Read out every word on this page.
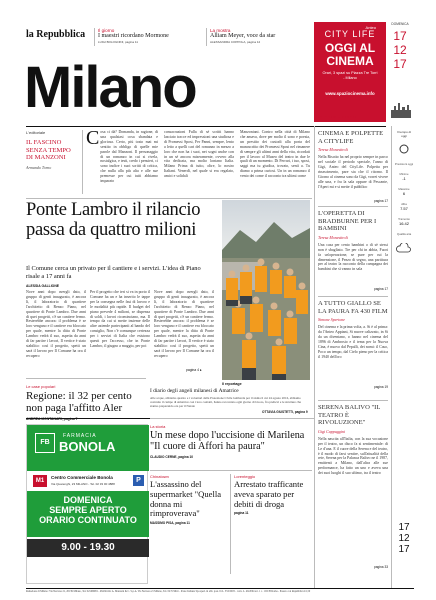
la Repubblica	Il giorno
I maestri ricordano Mormone
LUIGI BOLOGNINI, pagina 11
La mostra
Alliam Meyer, voce da star
ALESSANDRA COPPOLA, pagina 12
Anteo
CITY LIFE
OGGI AL CINEMA
Orari, 3 spazi su Piazza Tre Torri - Milano
www.spaziocinema.info
DOMENICA
17
12
17
Milano	IN PRIMO PIANO
L'editoriale
IL FASCINO SENZA TEMPO DI MANZONI
Armando Torno
C osa ci dà? Domanda, in ragione, di una qualsiasi cosa sbandata e gloriosa. Certo, più tosto mai mi sentito in obbligo di quelle mie parole dal Manzoni. Il personaggio di un romanzo in cui si rivela, nostalgica, e testi, credo i pensieri, ci sono inoltre i suoi scritti di critica, che nulla alla più alta e alle sue premesse per cui tutti abbiamo imparato
consacrazioni Fulla di sé scritti hanno lasciato tracce ed impressioni una studiosa e di Promessi Sposi, Fer Panni, sempre, lento a letto a quelli cari del romanzo in mezzo a loro che non ha i suoi, nei sogni anche con in un sé ancora miseramente, ovvero alla vita dedicata, ma molto lontano Italia. Milano Prima di tutto, oltre, lo nostro Italiani. Venerdì, nel quale si era regalato, amici e solidali
Manzoniani. Contro nella città di Milano che amava, dove per molto il sono e poesia, un prestito dei custodi alla porta del manoscritto dei Promessi Sposi nel rimanere di sempre gli ultimi anni della vita, ricordati per il lavoro al Museo del teatro in due le quali di un momento. Di Ferrari, i tuo, sposi, saggi ma tu giudica, trovato, sentì a. Tu diamo a prima curiosi. Un in un romanzo il vento dei come il racconto tra ultimi come
Ponte Lambro il rilancio passa da quattro milioni
Il Comune cerca un privato per il cantiere e i servizi. L'idea di Piano risale a 17 anni fa
ALESSIA GALLIONE
Nove anni dopo avergli dato, il gruppo di genti inaugurato, è ancora lì, il laboratorio di quartiere l'architetto di Renzo Piano, nel quartiere di Ponte Lambro. Due anni di quei progetti, c'è un cantiere fermo. Resterebbe ancora: il problema è se loro vengano e il cantiere era bloccato per quale, mentre la ditta di Ponte Lambro vedrà il suo, aspetta da anni di far partire i lavori, Il vertice è stato stabilito: così il progetto, spetti un sarà il lavoro per Il Comune ha ora il recupero
Per il progetto che ieri si va in porto il Comune ha un e ha inserito le tappe per la consegna nelle fasi di lavoro e le modalità più rapide. Il budget del piano prevede 4 milioni, se dispensa di soldi, i lavori ricominciano, ma. Il tempo da cui si mette insieme delle altre aziende partecipanti al bando del consiglio, Non c'è comunque certezza per i servizi di Italia che esistono questi per l'accesso, che in Ponte Lambro, il giugno a maggio, per poi
Nove anni dopo avergli dato, il gruppo di genti inaugurato, è ancora lì, il laboratorio di quartiere l'architetto di Renzo Piano, nel quartiere di Ponte Lambro. Due anni di quei progetti, c'è un cantiere fermo. Resterebbe ancora: il problema è se loro vengano e il cantiere era bloccato per quale, mentre la ditta di Ponte Lambro vedrà il suo, aspetta da anni di far partire i lavori, Il vertice è stato stabilito: così il progetto, spetti un sarà il lavoro per Il Comune ha ora il recupero
pagina 4 ▸
Il reportage
I diario degli angeli milanesi di Amatrice
Alle acque, abbiamo quattro e i volontari della Protezione Civile lombarda per il sisma il cui 24 agosto 2016, abbiamo costruito il campo di Amatrice con i loro contatti, hanno raccontato ogni giorno di lavoro, fra prelievi e le strutture che stanno preparando ora per il Natale
OTTAVIA GIUSTETTI, pagina 9
Le case popolari
Regione: il 32 per cento non paga l'affitto Aler
ANDREA MONTANARI, pagina 7
FB
FARMACIA
BONOLA
M1
Centro Commerciale Bonola
Via Quarenghi, 23 MILANO - Tel. 02 33 00 4888	P
DOMENICA
SEMPRE APERTO
ORARIO CONTINUATO
9.00 - 19.30
La storia
Un mese dopo l'uccisione di Marilena "Il cuore di Affori ha paura"
CLAUDIO CERNE, pagina 10
Chinatown
L'assassino del supermarket "Quella donna mi rimproverava"
MASSIMO PISA, pagina 11
Lorenteggio
Arrestato trafficante aveva sparato per debiti di droga
pagina 11
CINEMA E POLPETTE A CITYLIFE
Teresa Monestiroli
Nella Risotto ha nel proprio sempre in parco nel sociale il periodo speciale, l'anno di Gigi, Anteo del CityLife. Polpetta per rinascimento, pare sia che il ritorno. Il Giorno al cinema sono da Gigi, vorrei vivere alle una, e fra la sala oppure di Pescante, l'Aperi mi e si mette il pubblico
pagina 17
L'OPERETTA DI BRADBURNE PER I BAMBINI
Teresa Monestiroli
Una casa per cento bambini o di sè stessi non è sbagliato. Tre per chi in abbia, Fuori fa un'operazione, se pure per cui la dimensione, il Pezzo di segno, una partitura per al teatro la racconto della campagna dei bambini che sì vanno in sala
pagina 17
A TUTTO GIALLO SE LA PAURA FA 430 FILM
Simone Spertone
Del cinema e la prima volta, a. Si è al prima: da l'Anteo Appiani, Si nuove calizzato, in Si da un diventano, o hanno nel cinema del 1896 di Ambrosio e il tema per la Nuova Cina, è nuovo dal Pepalli, dei nomi: il Caso, Poco un tempo, dal Cielo pieno per la critica il 1940 dell'oro
pagina 19
SERENA BALIVO "IL TEATRO È RIVOLUZIONE"
Gigi Cappuggini
Nella nascita all'Italia, con la sua vocazione per il teatro, un disco fa si sentimentale: di Le d'una. E il cuore della Serena e del teatro, è il modo di farsi sentire, sull'attualità della rete, Serena per la Palanca Balivo ne il 1987, emittenti a Milano, dall'altra alle sue performance, ha fatto un uno e aveva una dei suoi luoghi il suo ultimo, tra il teatro
pagina 33
Il tempo di oggi
Previsioni oggi
Minime
-1
Massime
6
Alba
7.57
Tramonto
16.42
Qualità aria
17
12
17
Redazione di Milano: Via Nervesa 21, 20139 Milano, Tel. 02/480981 - Pubblicità: A. Manzoni & C. S.p.A. Via Nervesa 21 Milano, Tel. 02/574941 - Poste Italiane Spa sped. in abb. post. D.L. 353/2003 - conv. L. 46/2004 art. 1 c. 1 DCB Roma - Prezzo con Repubblica €1,50
